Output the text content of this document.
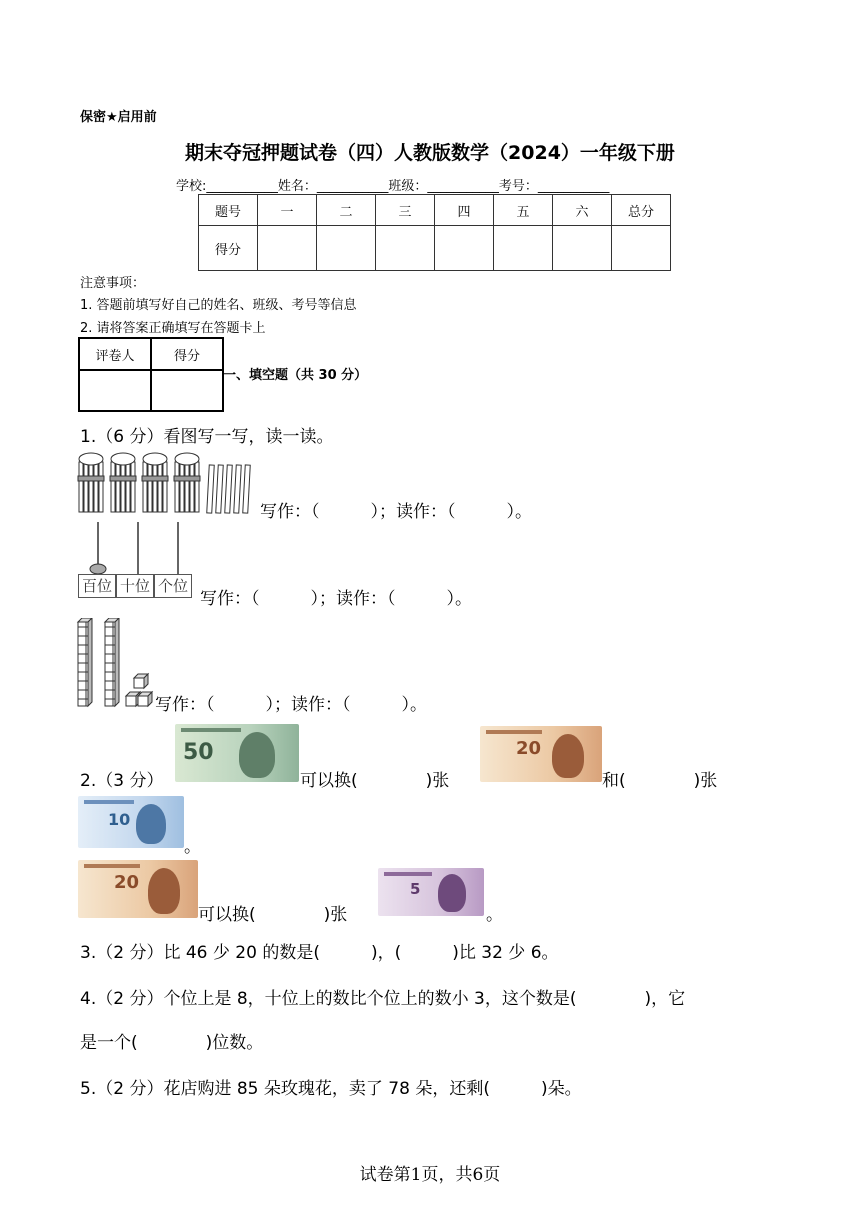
保密★启用前
期末夺冠押题试卷（四）人教版数学（2024）一年级下册
学校:___________姓名：___________班级：___________考号：___________
题号	一	二	三	四	五	六	总分
得分							
注意事项：
1. 答题前填写好自己的姓名、班级、考号等信息
2. 请将答案正确填写在答题卡上
评卷人	得分

一、填空题（共 30 分）
1.（6 分）看图写一写，读一读。
写作：（　　　）；读作：（　　　）。
百位 十位 个位
写作：（　　　）；读作：（　　　）。
写作：（　　　）；读作：（　　　）。
50
2.（3 分）	可以换(　　　　)张
20
和(　　　　)张
10
。
20
可以换(　　　　)张
5
。
3.（2 分）比 46 少 20 的数是(　　　)，(　　　)比 32 少 6。
4.（2 分）个位上是 8，十位上的数比个位上的数小 3，这个数是(　　　　)，它
是一个(　　　　)位数。
5.（2 分）花店购进 85 朵玫瑰花，卖了 78 朵，还剩(　　　)朵。
试卷第1页，共6页
